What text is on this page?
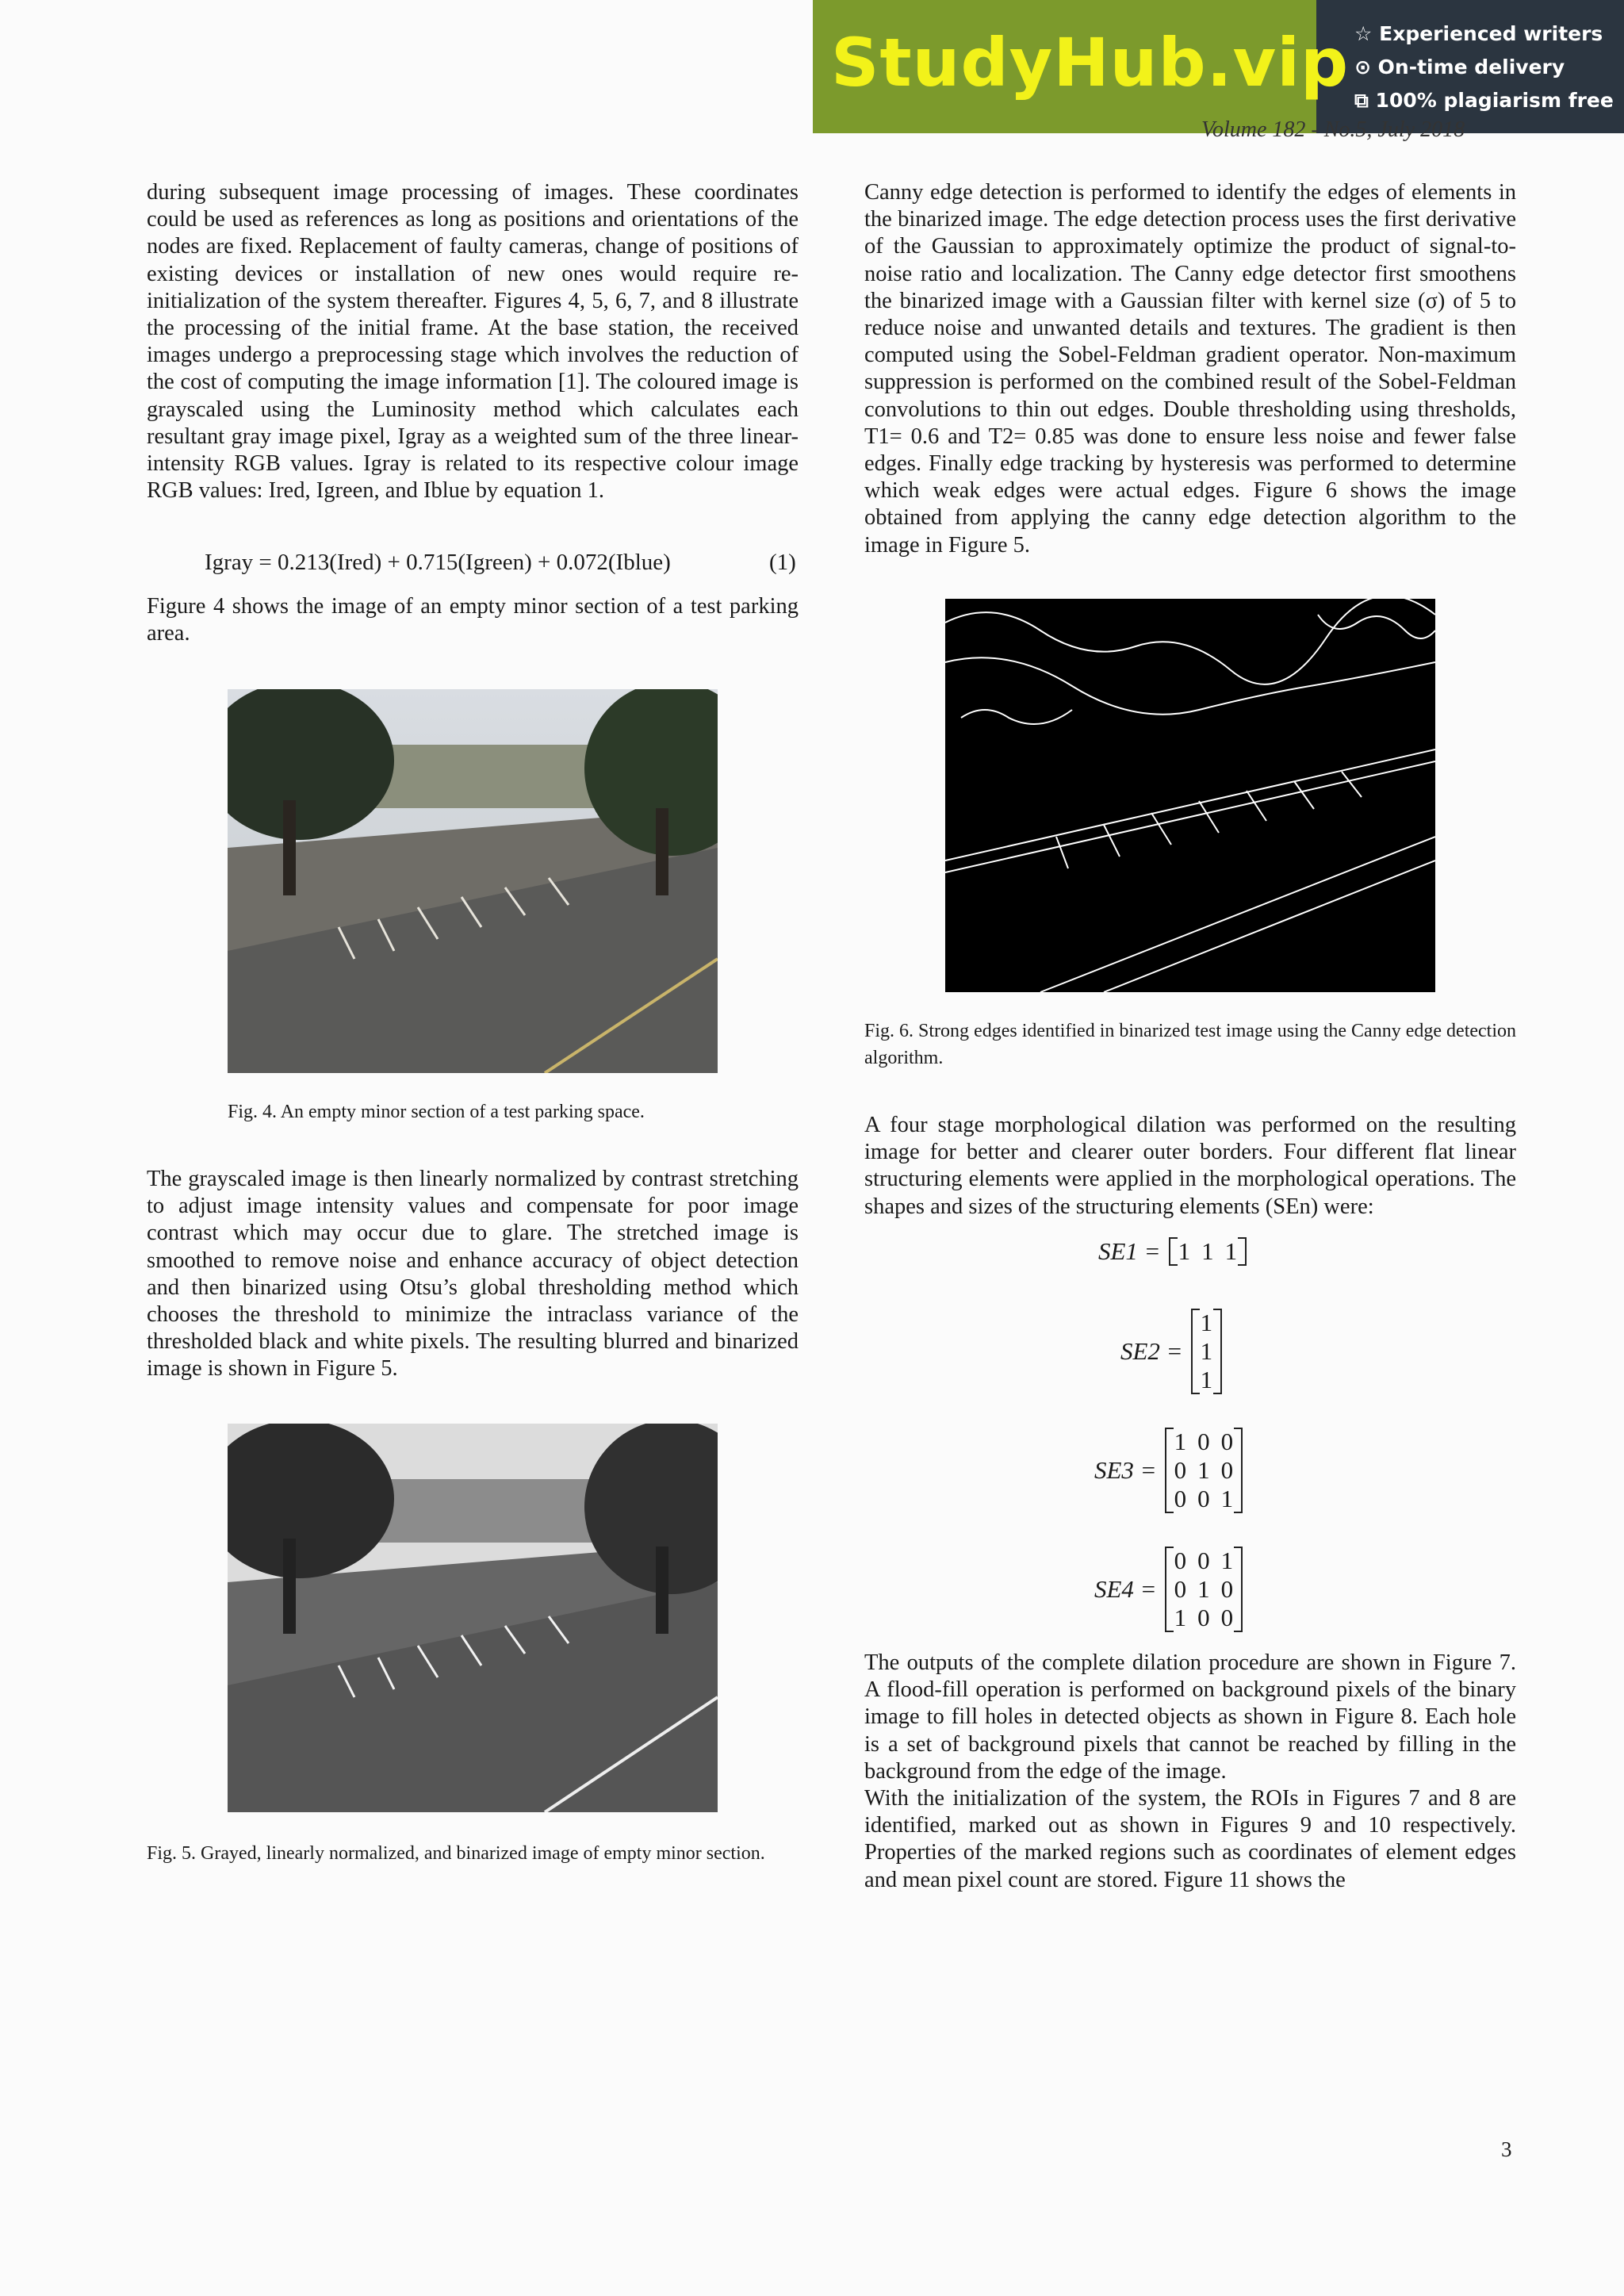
StudyHub.vip ☆ Experienced writers
⊙ On-time delivery
⧉ 100% plagiarism free
Volume 182 - No.5, July 2018

during subsequent image processing of images. These coordinates could be used as references as long as positions and orientations of the nodes are fixed. Replacement of faulty cameras, change of positions of existing devices or installation of new ones would require re-initialization of the system thereafter. Figures 4, 5, 6, 7, and 8 illustrate the processing of the initial frame. At the base station, the received images undergo a preprocessing stage which involves the reduction of the cost of computing the image information [1]. The coloured image is grayscaled using the Luminosity method which calculates each resultant gray image pixel, Igray as a weighted sum of the three linear-intensity RGB values. Igray is related to its respective colour image RGB values: Ired, Igreen, and Iblue by equation 1.

Igray = 0.213(Ired) + 0.715(Igreen) + 0.072(Iblue)	(1)

Figure 4 shows the image of an empty minor section of a test parking area.

Fig. 4. An empty minor section of a test parking space.

The grayscaled image is then linearly normalized by contrast stretching to adjust image intensity values and compensate for poor image contrast which may occur due to glare. The stretched image is smoothed to remove noise and enhance accuracy of object detection and then binarized using Otsu’s global thresholding method which chooses the threshold to minimize the intraclass variance of the thresholded black and white pixels. The resulting blurred and binarized image is shown in Figure 5.

Fig. 5. Grayed, linearly normalized, and binarized image of empty minor section.

Canny edge detection is performed to identify the edges of elements in the binarized image. The edge detection process uses the first derivative of the Gaussian to approximately optimize the product of signal-to-noise ratio and localization. The Canny edge detector first smoothens the binarized image with a Gaussian filter with kernel size (σ) of 5 to reduce noise and unwanted details and textures. The gradient is then computed using the Sobel-Feldman gradient operator. Non-maximum suppression is performed on the combined result of the Sobel-Feldman convolutions to thin out edges. Double thresholding using thresholds, T1= 0.6 and T2= 0.85 was done to ensure less noise and fewer false edges. Finally edge tracking by hysteresis was performed to determine which weak edges were actual edges. Figure 6 shows the image obtained from applying the canny edge detection algorithm to the image in Figure 5.

Fig. 6. Strong edges identified in binarized test image using the Canny edge detection algorithm.

A four stage morphological dilation was performed on the resulting image for better and clearer outer borders. Four different flat linear structuring elements were applied in the morphological operations. The shapes and sizes of the structuring elements (SEn) were:

SE1 = 1 1 1
SE2 =
1
1
1
SE3 =
1 0 0
0 1 0
0 0 1
SE4 =
0 0 1
0 1 0
1 0 0

The outputs of the complete dilation procedure are shown in Figure 7. A flood-fill operation is performed on background pixels of the binary image to fill holes in detected objects as shown in Figure 8. Each hole is a set of background pixels that cannot be reached by filling in the background from the edge of the image.

With the initialization of the system, the ROIs in Figures 7 and 8 are identified, marked out as shown in Figures 9 and 10 respectively. Properties of the marked regions such as coordinates of element edges and mean pixel count are stored. Figure 11 shows the

3
